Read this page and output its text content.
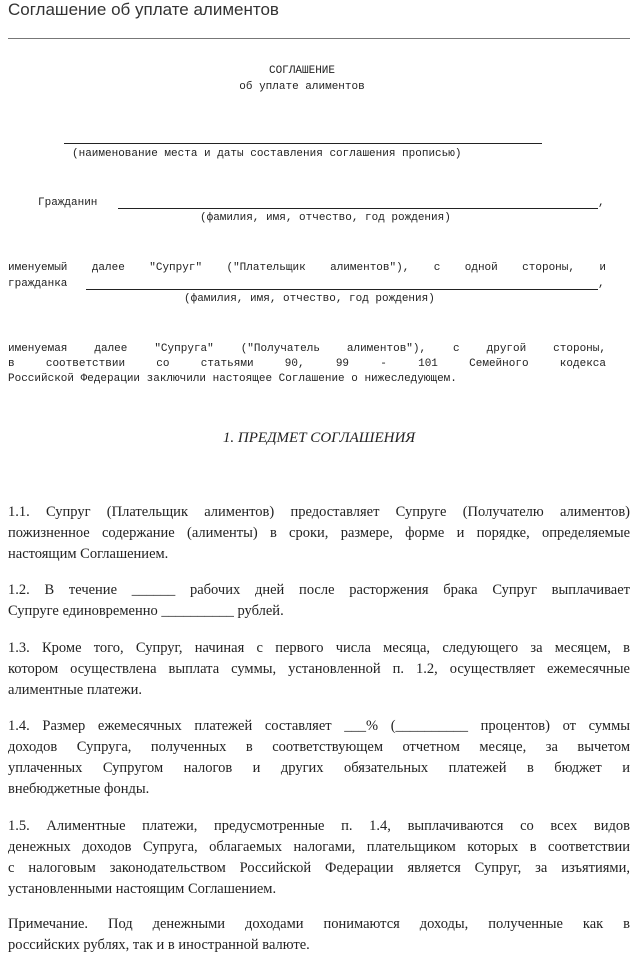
Соглашение об уплате алиментов
СОГЛАШЕНИЕ
об уплате алиментов
(наименование места и даты составления соглашения прописью)
Гражданин	,
(фамилия, имя, отчество, год рождения)
именуемый далее "Супруг" ("Плательщик алиментов"), с одной стороны, и
гражданка	,
(фамилия, имя, отчество, год рождения)
именуемая далее "Супруга" ("Получатель алиментов"), с другой стороны,
в соответствии со статьями 90, 99 - 101 Семейного кодекса
Российской Федерации заключили настоящее Соглашение о нижеследующем.
1. ПРЕДМЕТ СОГЛАШЕНИЯ
1.1. Супруг (Плательщик алиментов) предоставляет Супруге (Получателю алиментов)
пожизненное содержание (алименты) в сроки, размере, форме и порядке, определяемые
настоящим Соглашением.
1.2. В течение ______ рабочих дней после расторжения брака Супруг выплачивает
Супруге единовременно __________ рублей.
1.3. Кроме того, Супруг, начиная с первого числа месяца, следующего за месяцем, в
котором осуществлена выплата суммы, установленной п. 1.2, осуществляет ежемесячные
алиментные платежи.
1.4. Размер ежемесячных платежей составляет ___% (__________ процентов) от суммы
доходов Супруга, полученных в соответствующем отчетном месяце, за вычетом
уплаченных Супругом налогов и других обязательных платежей в бюджет и
внебюджетные фонды.
1.5. Алиментные платежи, предусмотренные п. 1.4, выплачиваются со всех видов
денежных доходов Супруга, облагаемых налогами, плательщиком которых в соответствии
с налоговым законодательством Российской Федерации является Супруг, за изъятиями,
установленными настоящим Соглашением.
Примечание. Под денежными доходами понимаются доходы, полученные как в
российских рублях, так и в иностранной валюте.
